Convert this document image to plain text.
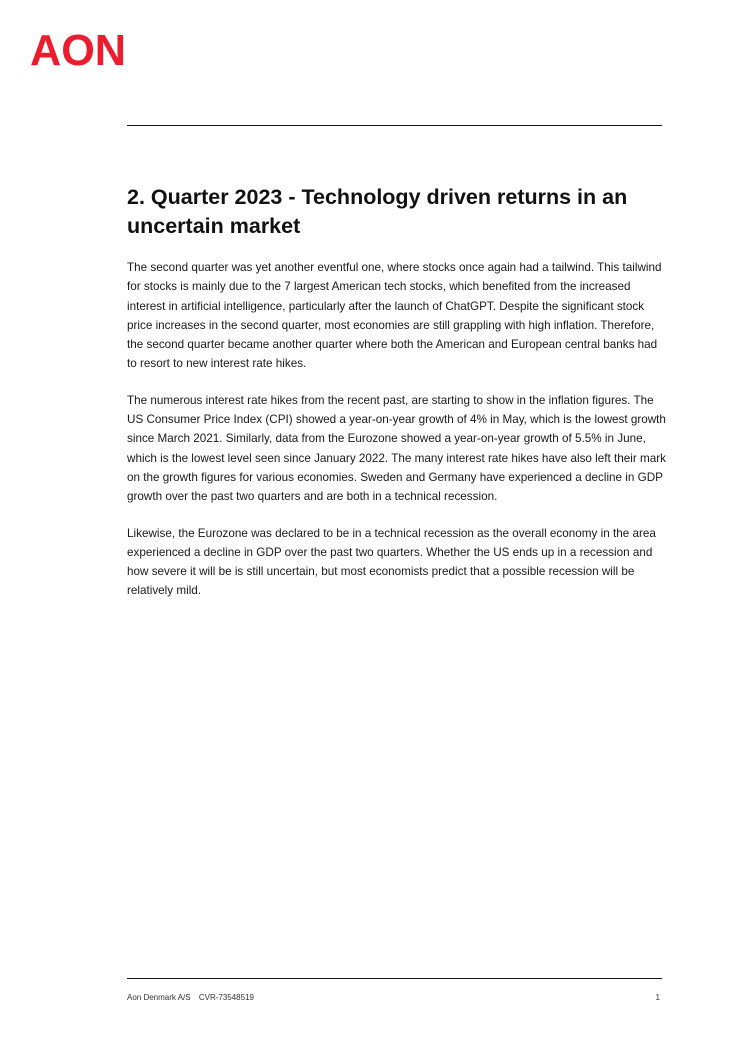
AON
2. Quarter 2023 - Technology driven returns in an uncertain market

The second quarter was yet another eventful one, where stocks once again had a tailwind. This tailwind for stocks is mainly due to the 7 largest American tech stocks, which benefited from the increased interest in artificial intelligence, particularly after the launch of ChatGPT. Despite the significant stock price increases in the second quarter, most economies are still grappling with high inflation. Therefore, the second quarter became another quarter where both the American and European central banks had to resort to new interest rate hikes.

The numerous interest rate hikes from the recent past, are starting to show in the inflation figures. The US Consumer Price Index (CPI) showed a year-on-year growth of 4% in May, which is the lowest growth since March 2021. Similarly, data from the Eurozone showed a year-on-year growth of 5.5% in June, which is the lowest level seen since January 2022. The many interest rate hikes have also left their mark on the growth figures for various economies. Sweden and Germany have experienced a decline in GDP growth over the past two quarters and are both in a technical recession.

Likewise, the Eurozone was declared to be in a technical recession as the overall economy in the area experienced a decline in GDP over the past two quarters. Whether the US ends up in a recession and how severe it will be is still uncertain, but most economists predict that a possible recession will be relatively mild.

Aon Denmark A/S CVR-73548519	1
